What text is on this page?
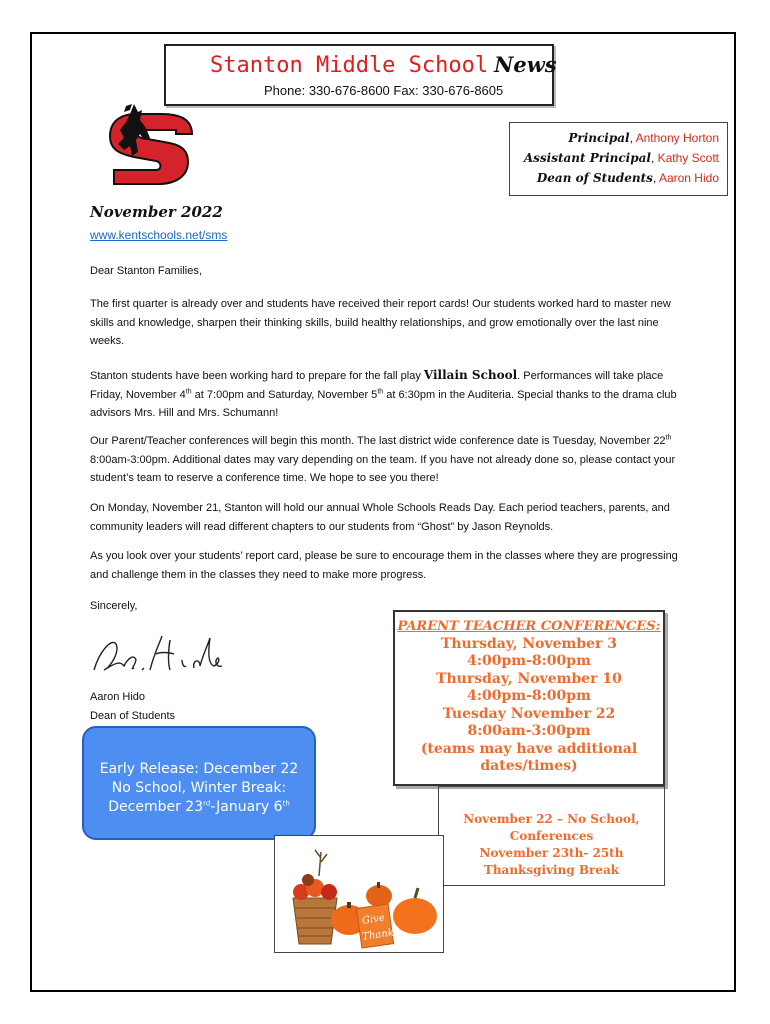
Stanton Middle School News
Phone: 330-676-8600 Fax: 330-676-8605
Principal, Anthony Horton
Assistant Principal, Kathy Scott
Dean of Students, Aaron Hido
November 2022
www.kentschools.net/sms

Dear Stanton Families,

The first quarter is already over and students have received their report cards! Our students worked hard to master new skills and knowledge, sharpen their thinking skills, build healthy relationships, and grow emotionally over the last nine weeks.

Stanton students have been working hard to prepare for the fall play Villain School. Performances will take place Friday, November 4th at 7:00pm and Saturday, November 5th at 6:30pm in the Auditeria. Special thanks to the drama club advisors Mrs. Hill and Mrs. Schumann!

Our Parent/Teacher conferences will begin this month. The last district wide conference date is Tuesday, November 22th 8:00am-3:00pm. Additional dates may vary depending on the team. If you have not already done so, please contact your student’s team to reserve a conference time. We hope to see you there!

On Monday, November 21, Stanton will hold our annual Whole Schools Reads Day. Each period teachers, parents, and community leaders will read different chapters to our students from “Ghost” by Jason Reynolds.

As you look over your students’ report card, please be sure to encourage them in the classes where they are progressing and challenge them in the classes they need to make more progress.

Sincerely,

Aaron Hido
Dean of Students
Early Release: December 22
No School, Winter Break:
December 23rd-January 6th
PARENT TEACHER CONFERENCES:
Thursday, November 3
4:00pm-8:00pm
Thursday, November 10
4:00pm-8:00pm
Tuesday November 22
8:00am-3:00pm
(teams may have additional
dates/times)
November 22 – No School,
Conferences
November 23th- 25th
Thanksgiving Break
Give
Thanks
